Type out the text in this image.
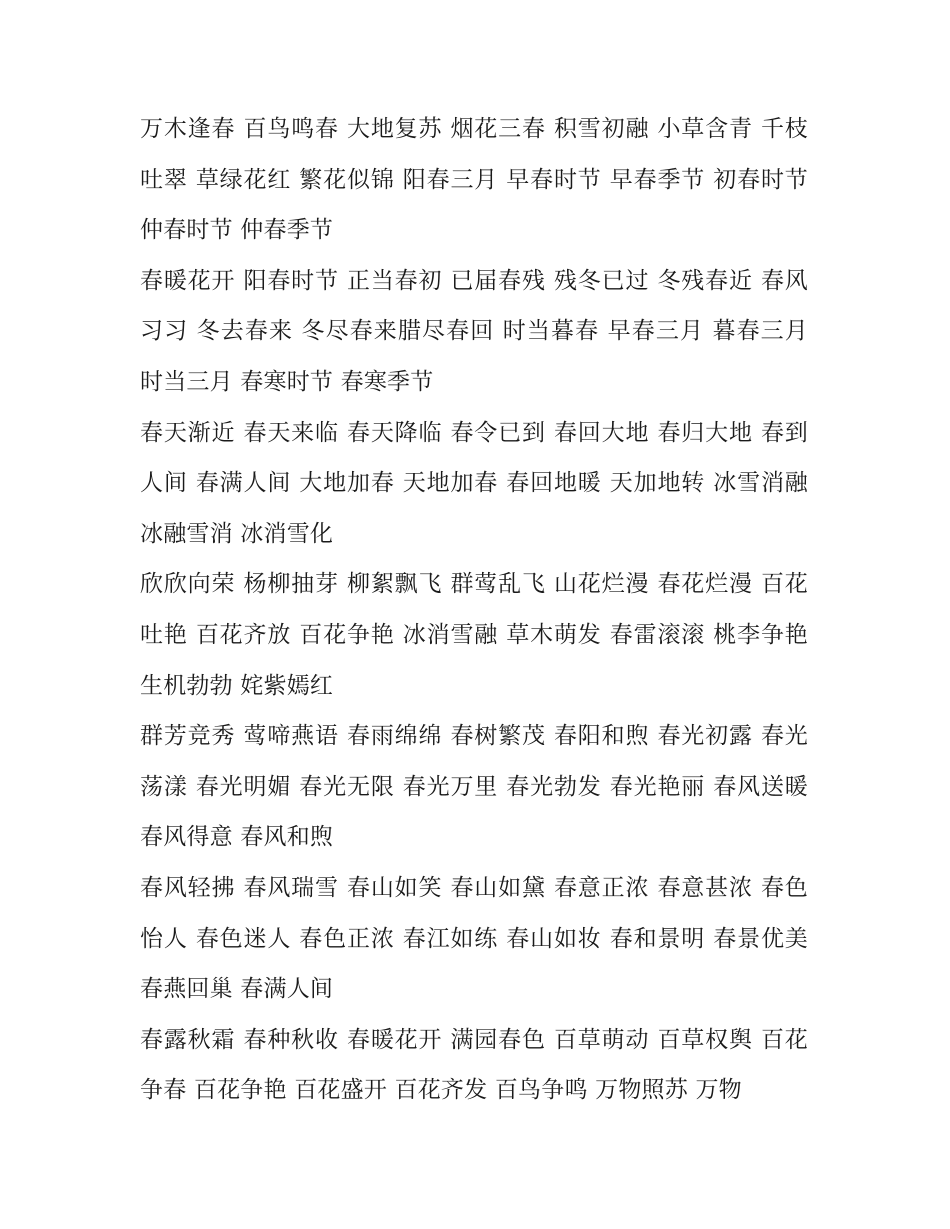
万木逢春 百鸟鸣春 大地复苏 烟花三春 积雪初融 小草含青 千枝吐翠 草绿花红 繁花似锦 阳春三月 早春时节 早春季节 初春时节 仲春时节 仲春季节

春暖花开 阳春时节 正当春初 已届春残 残冬已过 冬残春近 春风习习 冬去春来 冬尽春来腊尽春回 时当暮春 早春三月 暮春三月 时当三月 春寒时节 春寒季节

春天渐近 春天来临 春天降临 春令已到 春回大地 春归大地 春到人间 春满人间 大地加春 天地加春 春回地暖 天加地转 冰雪消融 冰融雪消 冰消雪化

欣欣向荣 杨柳抽芽 柳絮飘飞 群莺乱飞 山花烂漫 春花烂漫 百花吐艳 百花齐放 百花争艳 冰消雪融 草木萌发 春雷滚滚 桃李争艳 生机勃勃 姹紫嫣红

群芳竞秀 莺啼燕语 春雨绵绵 春树繁茂 春阳和煦 春光初露 春光荡漾 春光明媚 春光无限 春光万里 春光勃发 春光艳丽 春风送暖 春风得意 春风和煦

春风轻拂 春风瑞雪 春山如笑 春山如黛 春意正浓 春意甚浓 春色怡人 春色迷人 春色正浓 春江如练 春山如妆 春和景明 春景优美 春燕回巢 春满人间

春露秋霜 春种秋收 春暖花开 满园春色 百草萌动 百草权舆 百花争春 百花争艳 百花盛开 百花齐发 百鸟争鸣 万物照苏 万物
